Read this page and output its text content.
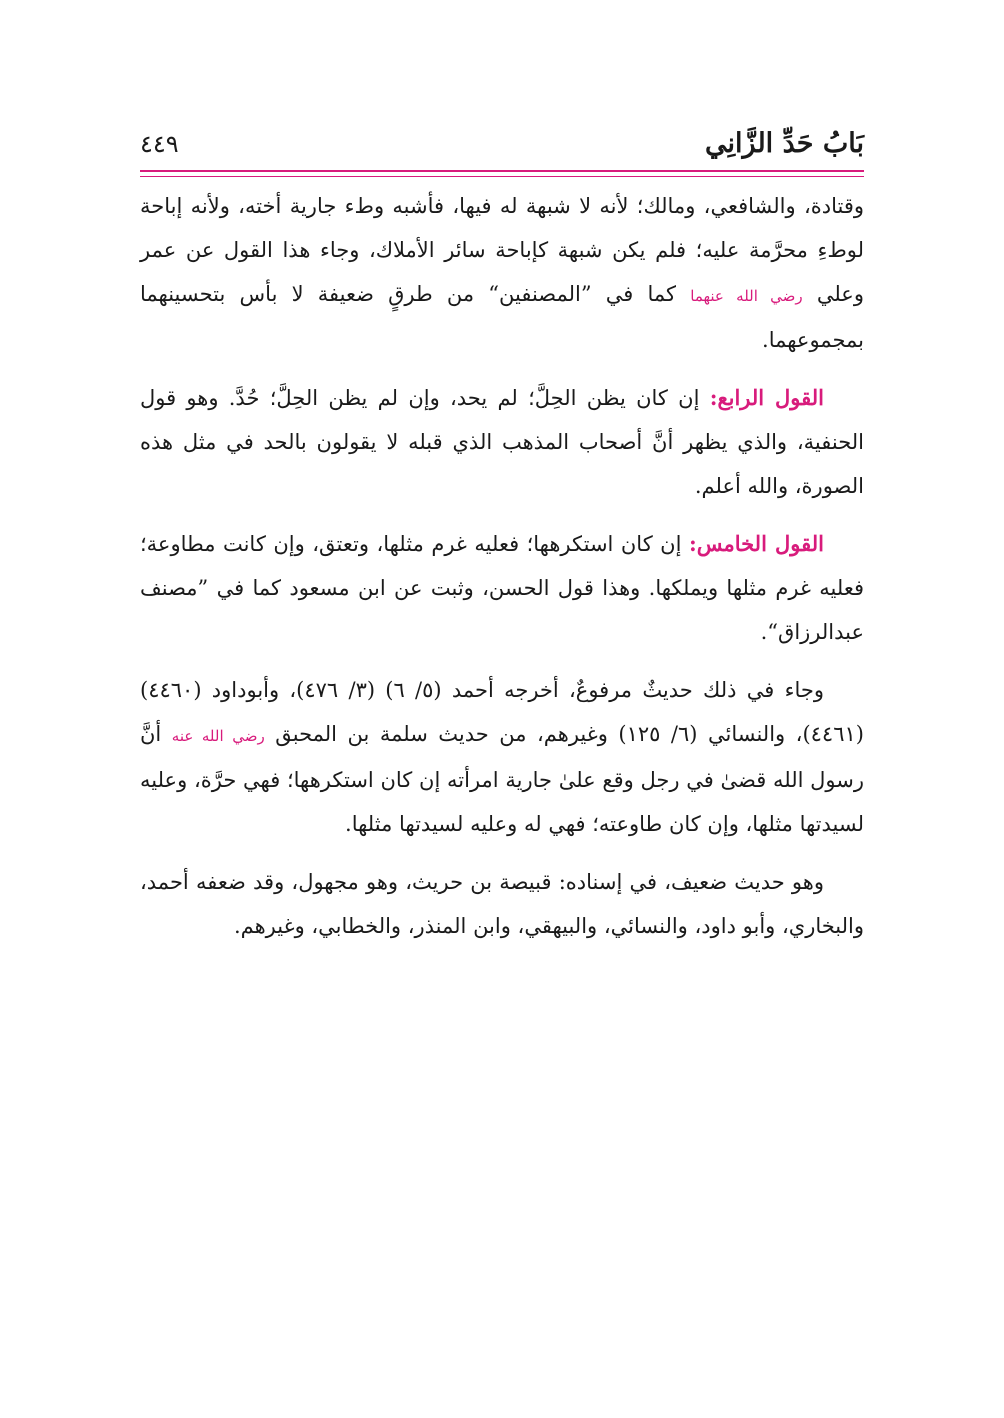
بَابُ حَدِّ الزَّانِي
٤٤٩

وقتادة، والشافعي، ومالك؛ لأنه لا شبهة له فيها، فأشبه وطء جارية أخته، ولأنه إباحة لوطءِ محرَّمة عليه؛ فلم يكن شبهة كإباحة سائر الأملاك، وجاء هذا القول عن عمر وعلي رضي الله عنهما كما في ”المصنفين“ من طرقٍ ضعيفة لا بأس بتحسينهما بمجموعهما.

القول الرابع: إن كان يظن الحِلَّ؛ لم يحد، وإن لم يظن الحِلَّ؛ حُدَّ. وهو قول الحنفية، والذي يظهر أنَّ أصحاب المذهب الذي قبله لا يقولون بالحد في مثل هذه الصورة، والله أعلم.

القول الخامس: إن كان استكرهها؛ فعليه غرم مثلها، وتعتق، وإن كانت مطاوعة؛ فعليه غرم مثلها ويملكها. وهذا قول الحسن، وثبت عن ابن مسعود كما في ”مصنف عبدالرزاق“.

وجاء في ذلك حديثٌ مرفوعٌ، أخرجه أحمد (٥/ ٦) (٣/ ٤٧٦)، وأبوداود (٤٤٦٠) (٤٤٦١)، والنسائي (٦/ ١٢٥) وغيرهم، من حديث سلمة بن المحبق رضي الله عنه أنَّ رسول الله قضىٰ في رجل وقع علىٰ جارية امرأته إن كان استكرهها؛ فهي حرَّة، وعليه لسيدتها مثلها، وإن كان طاوعته؛ فهي له وعليه لسيدتها مثلها.

وهو حديث ضعيف، في إسناده: قبيصة بن حريث، وهو مجهول، وقد ضعفه أحمد، والبخاري، وأبو داود، والنسائي، والبيهقي، وابن المنذر، والخطابي، وغيرهم.
